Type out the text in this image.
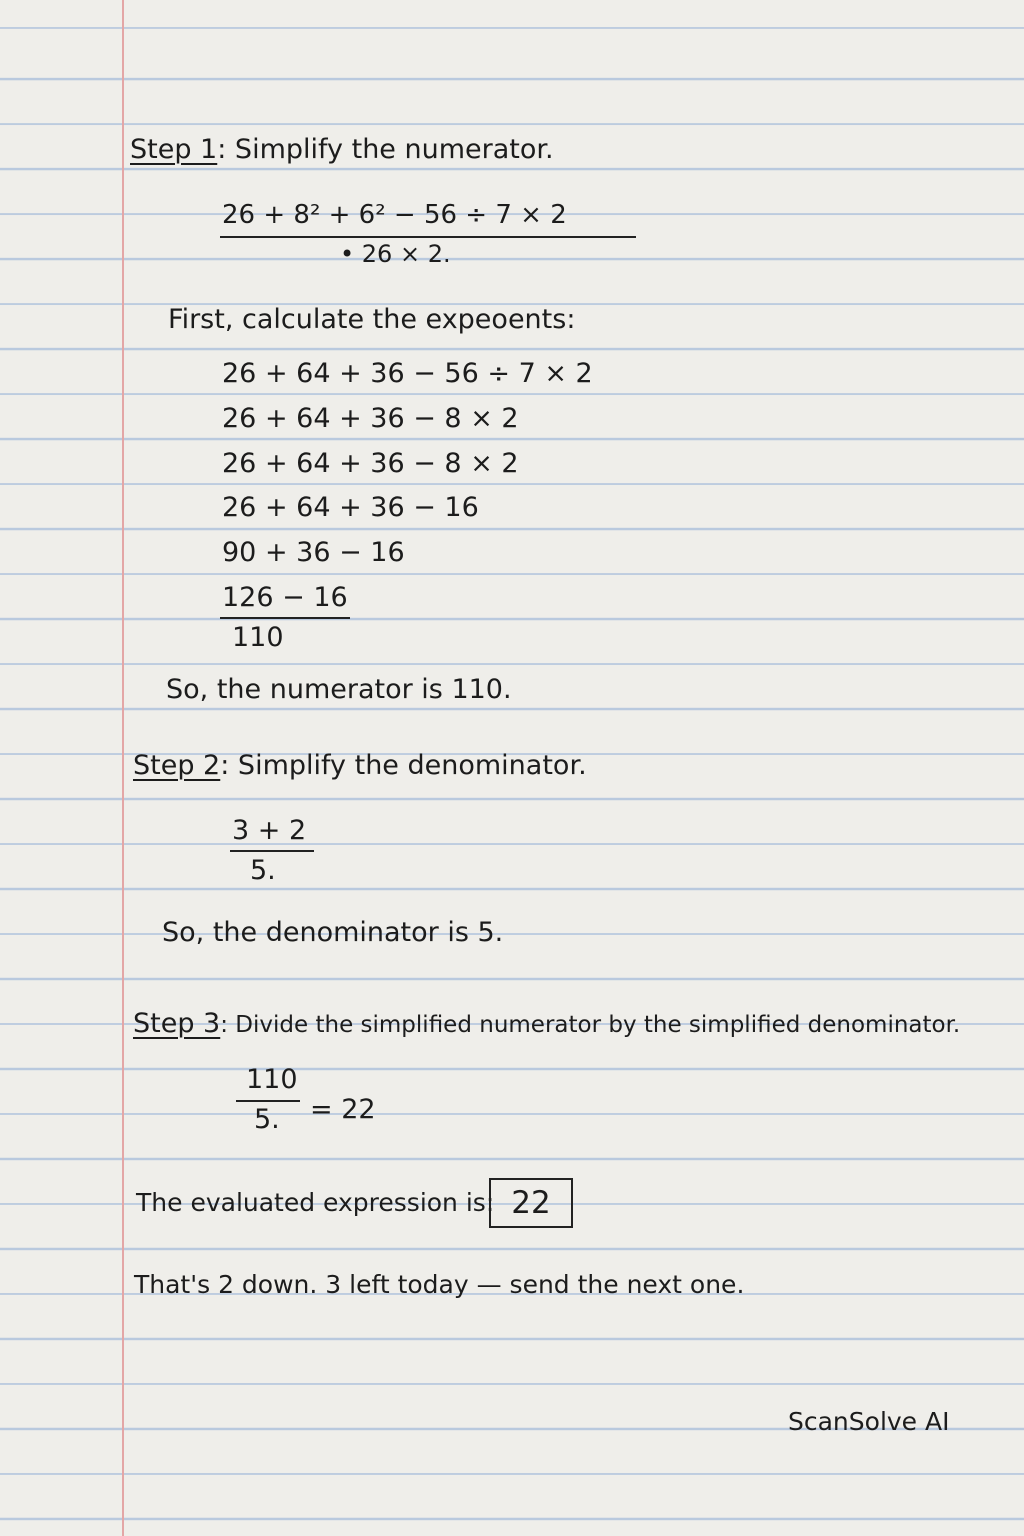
Step 1: Simplify the numerator.
26 + 8² + 6² − 56 ÷ 7 × 2
• 26 × 2.
First, calculate the expeoents:
26 + 64 + 36 − 56 ÷ 7 × 2
26 + 64 + 36 − 8 × 2
26 + 64 + 36 − 8 × 2
26 + 64 + 36 − 16
90 + 36 − 16
126 − 16
110
So, the numerator is 110.
Step 2: Simplify the denominator.
3 + 2
5.
So, the denominator is 5.
Step 3: Divide the simplified numerator by the simplified denominator.
110
5. = 22
The evaluated expression is: 22
That's 2 down. 3 left today — send the next one.
ScanSolve AI
